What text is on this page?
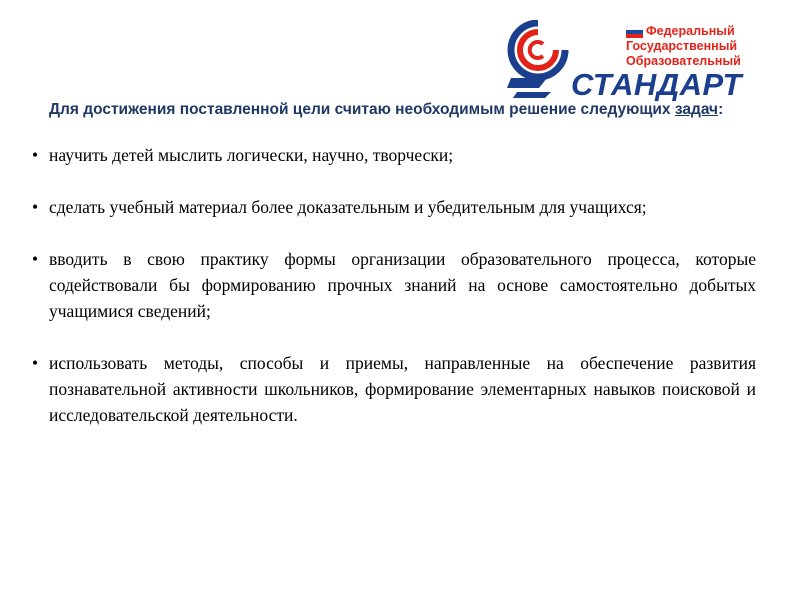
Федеральный
Государственный
Образовательный
СТАНДАРТ

Для достижения поставленной цели считаю необходимым решение следующих задач:

• научить детей мыслить логически, научно, творчески;
• сделать учебный материал более доказательным и убедительным для учащихся;
• вводить в свою практику формы организации образовательного процесса, которые содействовали бы формированию прочных знаний на основе самостоятельно добытых учащимися сведений;
• использовать методы, способы и приемы, направленные на обеспечение развития познавательной активности школьников, формирование элементарных навыков поисковой и исследовательской деятельности.
